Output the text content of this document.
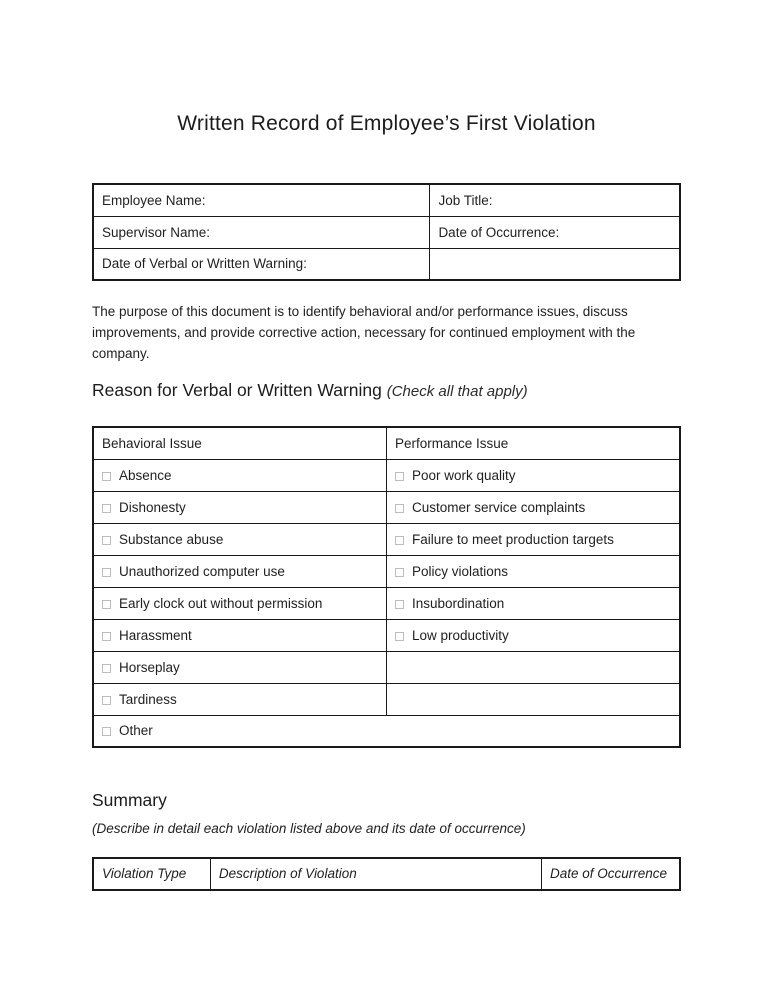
Written Record of Employee’s First Violation
Employee Name:	Job Title:
Supervisor Name:	Date of Occurrence:
Date of Verbal or Written Warning:	

The purpose of this document is to identify behavioral and/or performance issues, discuss improvements, and provide corrective action, necessary for continued employment with the company.

Reason for Verbal or Written Warning (Check all that apply)
Behavioral Issue	Performance Issue
Absence	Poor work quality
Dishonesty	Customer service complaints
Substance abuse	Failure to meet production targets
Unauthorized computer use	Policy violations
Early clock out without permission	Insubordination
Harassment	Low productivity
Horseplay	
Tardiness	
Other	
Summary
(Describe in detail each violation listed above and its date of occurrence)
Violation Type	Description of Violation	Date of Occurrence
